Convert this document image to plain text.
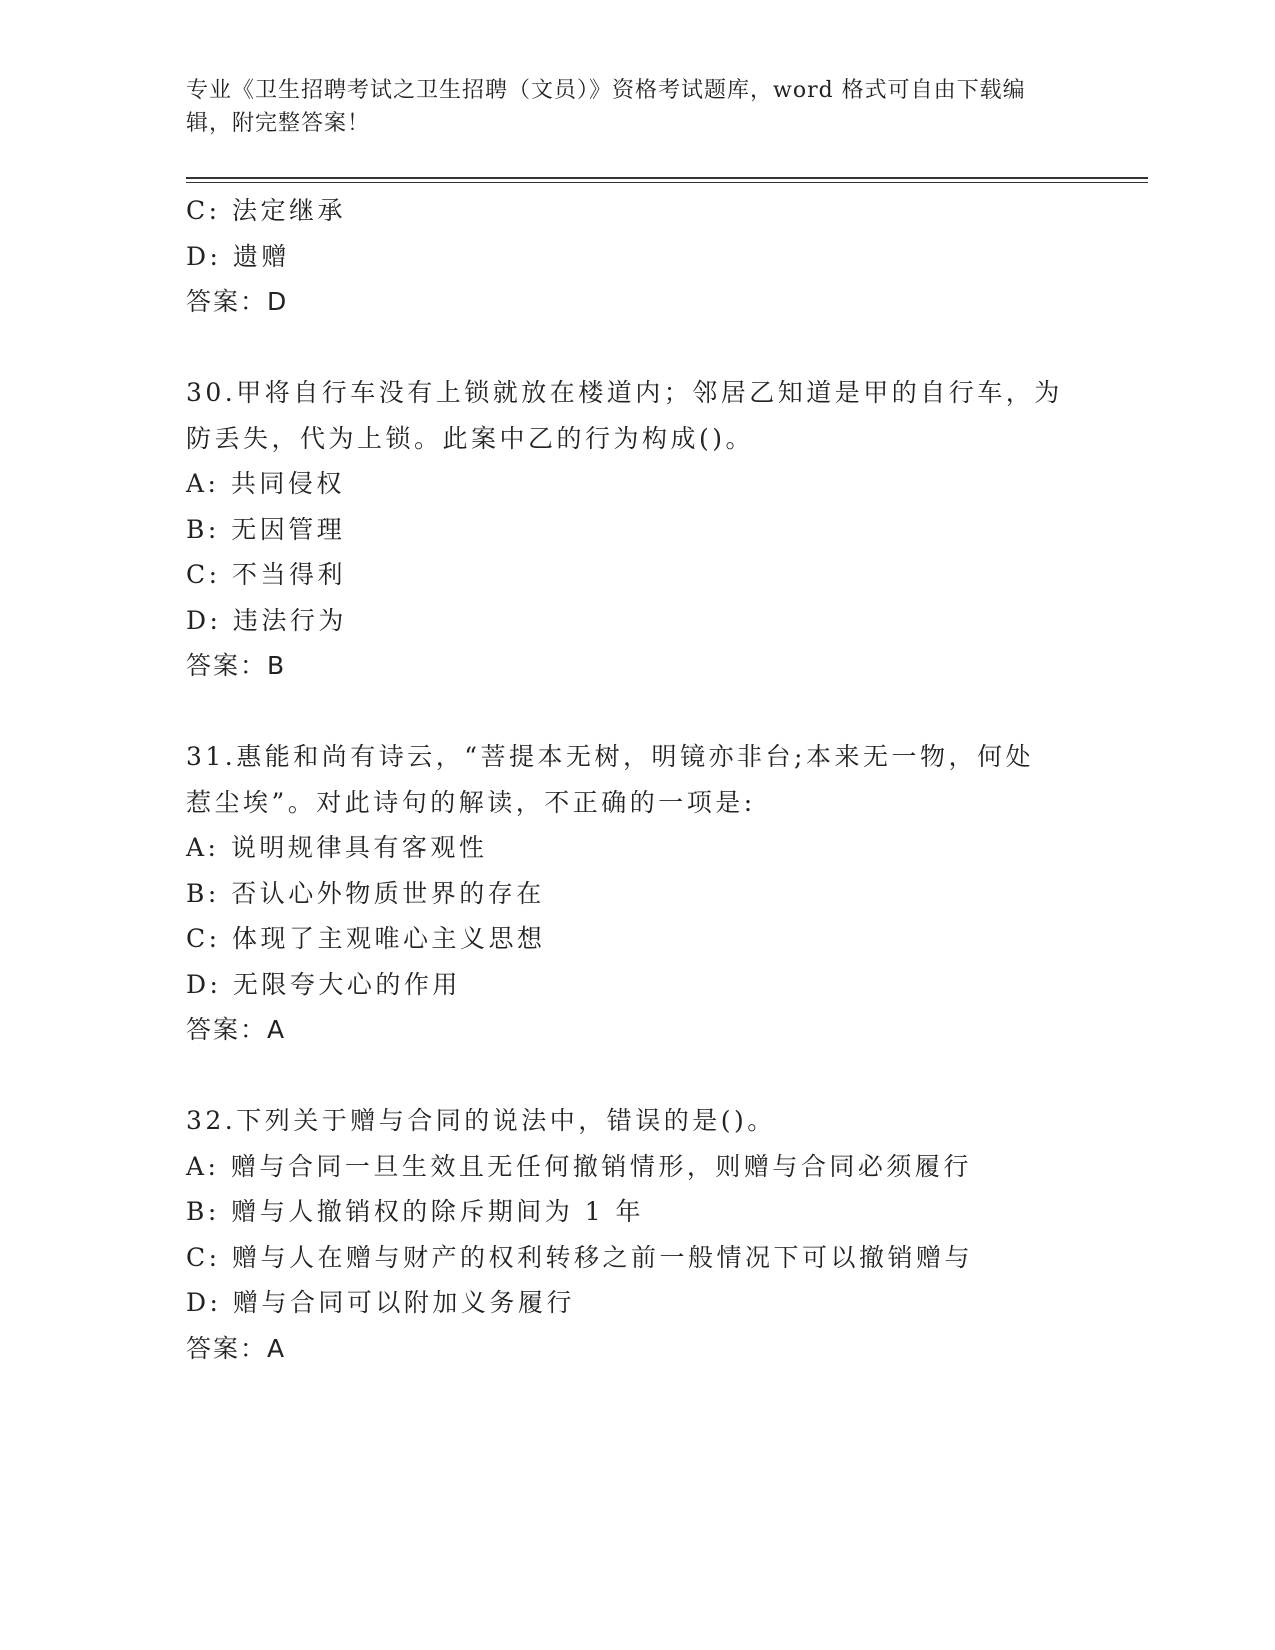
专业《卫生招聘考试之卫生招聘（文员）》资格考试题库，word 格式可自由下载编辑，附完整答案！
C: 法定继承
D: 遗赠
答案：D
30.甲将自行车没有上锁就放在楼道内；邻居乙知道是甲的自行车，为
防丢失，代为上锁。此案中乙的行为构成()。
A: 共同侵权
B: 无因管理
C: 不当得利
D: 违法行为
答案：B
31.惠能和尚有诗云，“菩提本无树，明镜亦非台;本来无一物，何处
惹尘埃”。对此诗句的解读，不正确的一项是:
A: 说明规律具有客观性
B: 否认心外物质世界的存在
C: 体现了主观唯心主义思想
D: 无限夸大心的作用
答案：A
32.下列关于赠与合同的说法中，错误的是()。
A: 赠与合同一旦生效且无任何撤销情形，则赠与合同必须履行
B: 赠与人撤销权的除斥期间为 1 年
C: 赠与人在赠与财产的权利转移之前一般情况下可以撤销赠与
D: 赠与合同可以附加义务履行
答案：A
